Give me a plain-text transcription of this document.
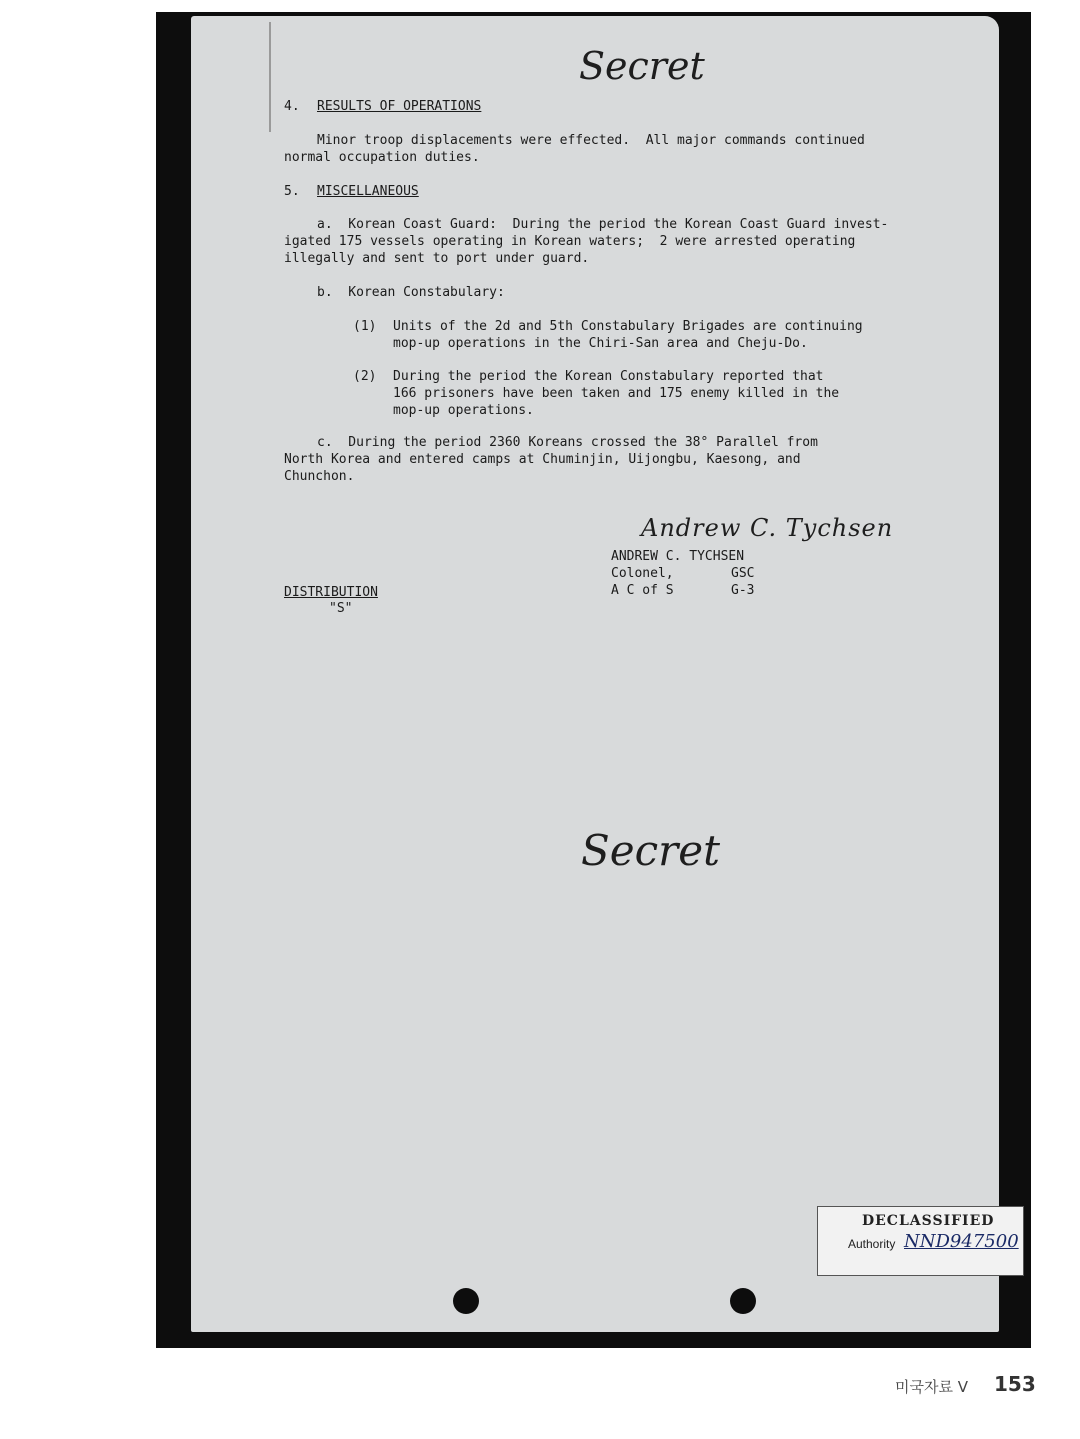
Secret
4. RESULTS OF OPERATIONS
Minor troop displacements were effected.  All major commands continued
normal occupation duties.
5. MISCELLANEOUS
a.  Korean Coast Guard:  During the period the Korean Coast Guard invest-
igated 175 vessels operating in Korean waters;  2 were arrested operating
illegally and sent to port under guard.
b.  Korean Constabulary:
(1) Units of the 2d and 5th Constabulary Brigades are continuing
mop-up operations in the Chiri-San area and Cheju-Do.
(2) During the period the Korean Constabulary reported that
166 prisoners have been taken and 175 enemy killed in the
mop-up operations.
c.  During the period 2360 Koreans crossed the 38° Parallel from
North Korea and entered camps at Chuminjin, Uijongbu, Kaesong, and
Chunchon.
Andrew C. Tychsen
ANDREW C. TYCHSEN
Colonel,	GSC
A C of S	G-3
DISTRIBUTION
"S"
Secret
DECLASSIFIED
Authority NND947500
미국자료 Ⅴ 153
